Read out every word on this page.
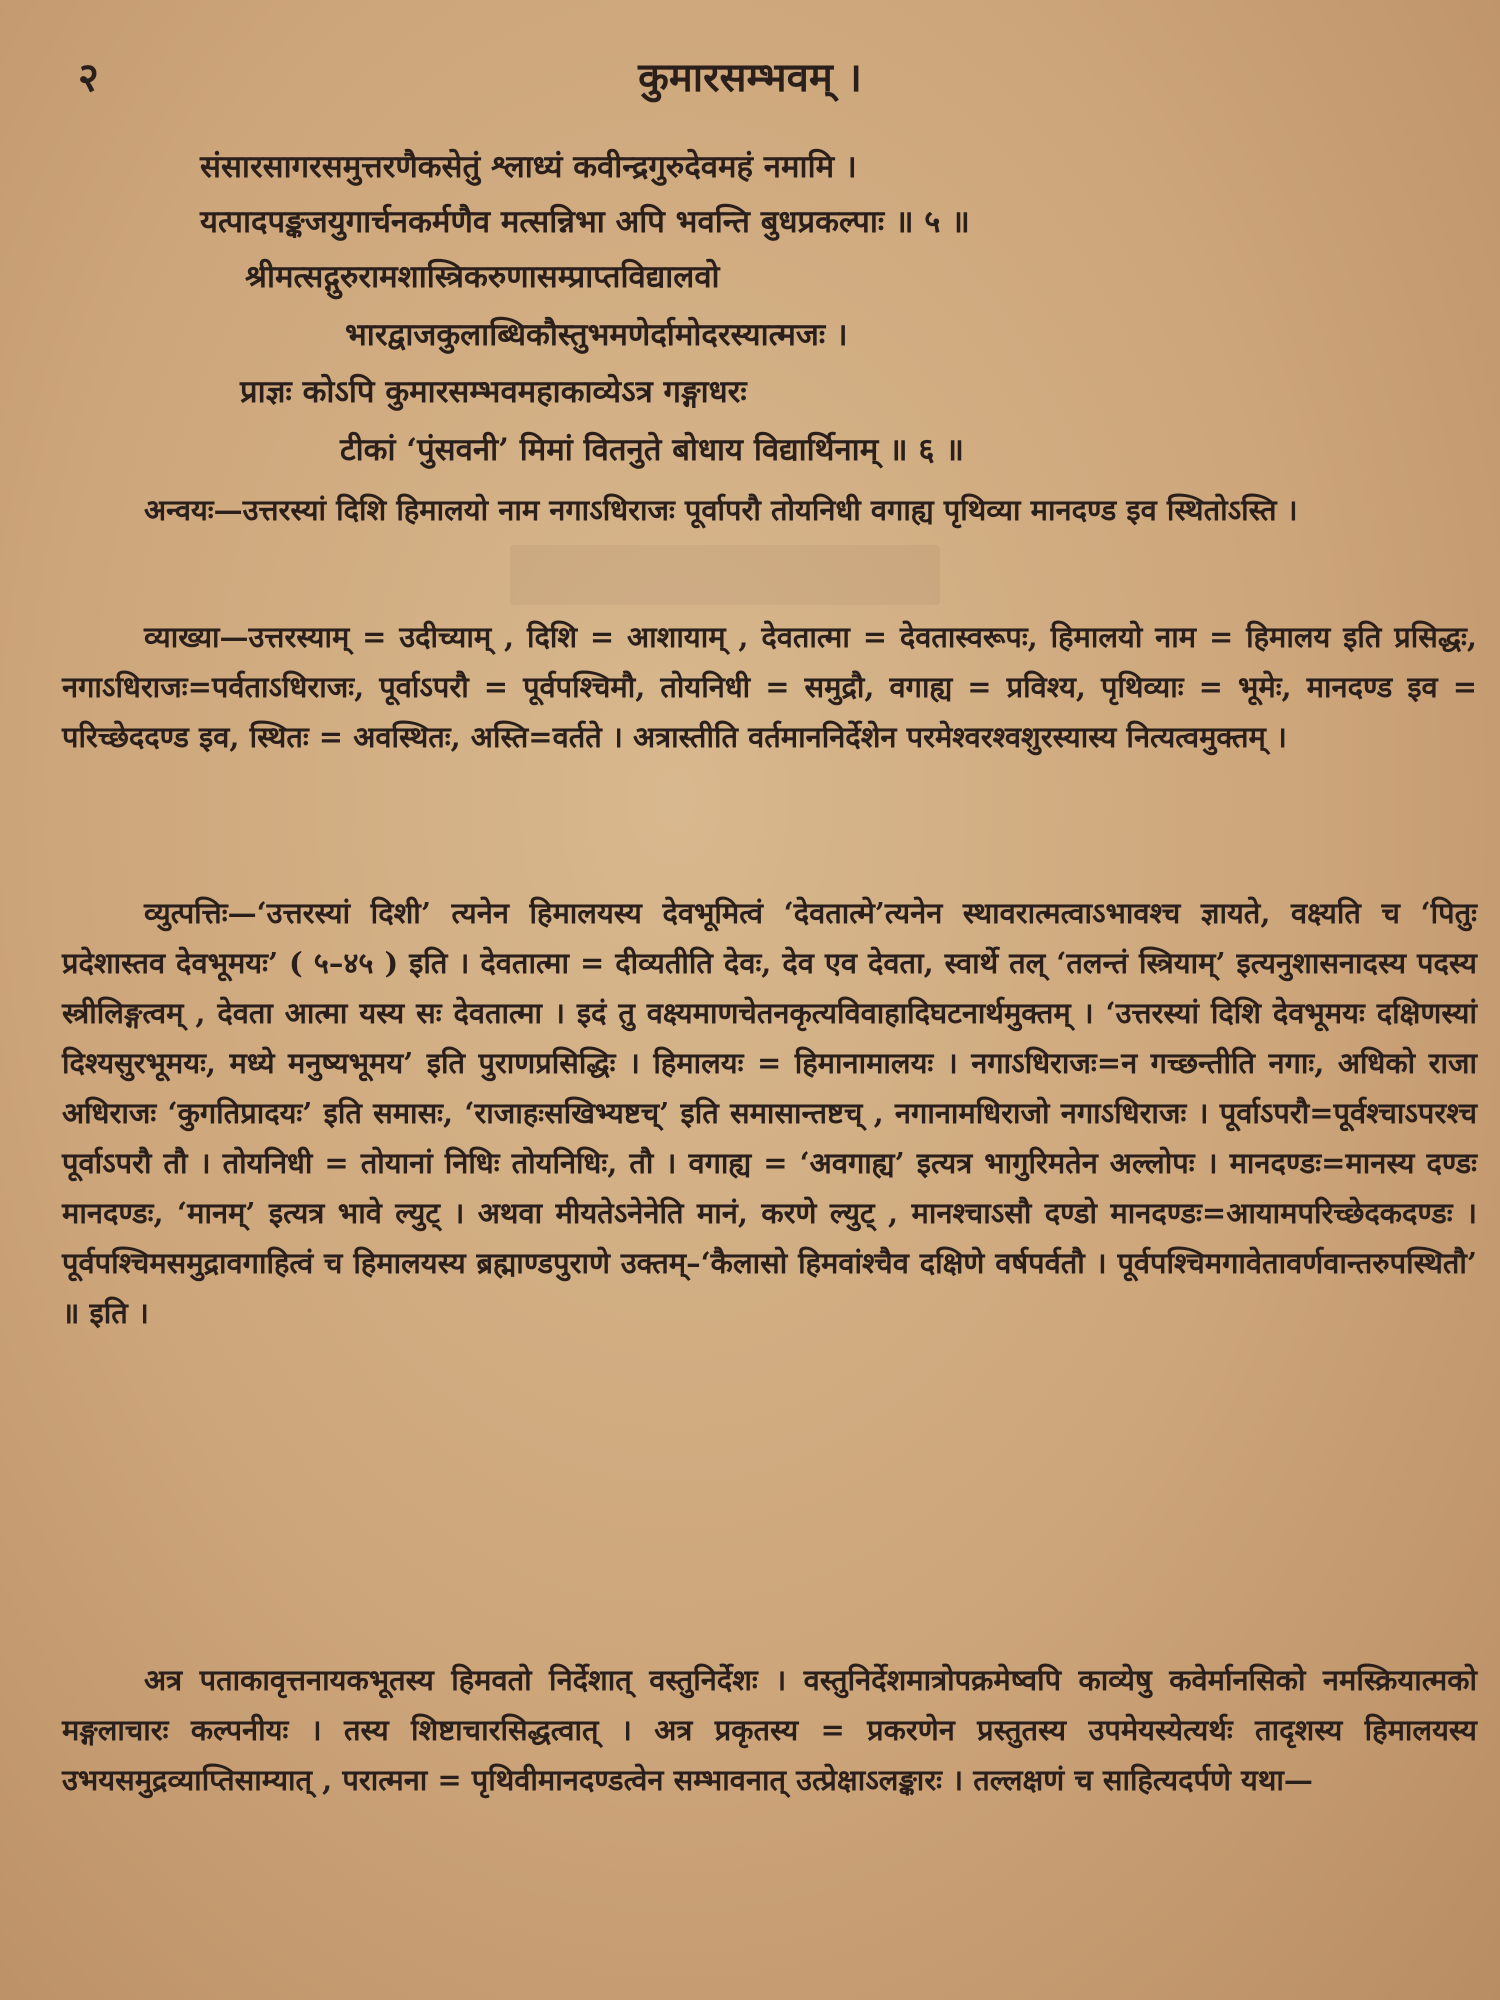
२	कुमारसम्भवम् ।
संसारसागरसमुत्तरणैकसेतुं श्लाध्यं कवीन्द्रगुरुदेवमहं नमामि ।
यत्पादपङ्कजयुगार्चनकर्मणैव मत्सन्निभा अपि भवन्ति बुधप्रकल्पाः ॥ ५ ॥
श्रीमत्सद्गुरुरामशास्त्रिकरुणासम्प्राप्तविद्यालवो
भारद्वाजकुलाब्धिकौस्तुभमणेर्दामोदरस्यात्मजः ।
प्राज्ञः कोऽपि कुमारसम्भवमहाकाव्येऽत्र गङ्गाधरः
टीकां ‘पुंसवनी’ मिमां वितनुते बोधाय विद्यार्थिनाम् ॥ ६ ॥

अन्वयः—उत्तरस्यां दिशि हिमालयो नाम नगाऽधिराजः पूर्वापरौ तोयनिधी वगाह्य पृथिव्या मानदण्ड इव स्थितोऽस्ति ।

व्याख्या—उत्तरस्याम् = उदीच्याम् , दिशि = आशायाम् , देवतात्मा = देवतास्वरूपः, हिमालयो नाम = हिमालय इति प्रसिद्धः, नगाऽधिराजः=पर्वताऽधिराजः, पूर्वाऽपरौ = पूर्वपश्चिमौ, तोयनिधी = समुद्रौ, वगाह्य = प्रविश्य, पृथिव्याः = भूमेः, मानदण्ड इव = परिच्छेददण्ड इव, स्थितः = अवस्थितः, अस्ति=वर्तते । अत्रास्तीति वर्तमाननिर्देशेन परमेश्वरश्वशुरस्यास्य नित्यत्वमुक्तम् ।

व्युत्पत्तिः—‘उत्तरस्यां दिशी’ त्यनेन हिमालयस्य देवभूमित्वं ‘देवतात्मे’त्यनेन स्थावरात्मत्वाऽभावश्च ज्ञायते, वक्ष्यति च ‘पितुः प्रदेशास्तव देवभूमयः’ ( ५–४५ ) इति । देवतात्मा = दीव्यतीति देवः, देव एव देवता, स्वार्थे तल् ‘तलन्तं स्त्रियाम्’ इत्यनुशासनादस्य पदस्य स्त्रीलिङ्गत्वम् , देवता आत्मा यस्य सः देवतात्मा । इदं तु वक्ष्यमाणचेतनकृत्यविवाहादिघटनार्थमुक्तम् । ‘उत्तरस्यां दिशि देवभूमयः दक्षिणस्यां दिश्यसुरभूमयः, मध्ये मनुष्यभूमय’ इति पुराणप्रसिद्धिः । हिमालयः = हिमानामालयः । नगाऽधिराजः=न गच्छन्तीति नगाः, अधिको राजा अधिराजः ‘कुगतिप्रादयः’ इति समासः, ‘राजाहःसखिभ्यष्टच्’ इति समासान्तष्टच् , नगानामधिराजो नगाऽधिराजः । पूर्वाऽपरौ=पूर्वश्चाऽपरश्च पूर्वाऽपरौ तौ । तोयनिधी = तोयानां निधिः तोयनिधिः, तौ । वगाह्य = ‘अवगाह्य’ इत्यत्र भागुरिमतेन अल्लोपः । मानदण्डः=मानस्य दण्डः मानदण्डः, ‘मानम्’ इत्यत्र भावे ल्युट् । अथवा मीयतेऽनेनेति मानं, करणे ल्युट् , मानश्चाऽसौ दण्डो मानदण्डः=आयामपरिच्छेदकदण्डः । पूर्वपश्चिमसमुद्रावगाहित्वं च हिमालयस्य ब्रह्माण्डपुराणे उक्तम्–‘कैलासो हिमवांश्चैव दक्षिणे वर्षपर्वतौ । पूर्वपश्चिमगावेतावर्णवान्तरुपस्थितौ’ ॥ इति ।

अत्र पताकावृत्तनायकभूतस्य हिमवतो निर्देशात् वस्तुनिर्देशः । वस्तुनिर्देशमात्रोपक्रमेष्वपि काव्येषु कवेर्मानसिको नमस्क्रियात्मको मङ्गलाचारः कल्पनीयः । तस्य शिष्टाचारसिद्धत्वात् । अत्र प्रकृतस्य = प्रकरणेन प्रस्तुतस्य उपमेयस्येत्यर्थः तादृशस्य हिमालयस्य उभयसमुद्रव्याप्तिसाम्यात् , परात्मना = पृथिवीमानदण्डत्वेन सम्भावनात् उत्प्रेक्षाऽलङ्कारः । तल्लक्षणं च साहित्यदर्पणे यथा—
